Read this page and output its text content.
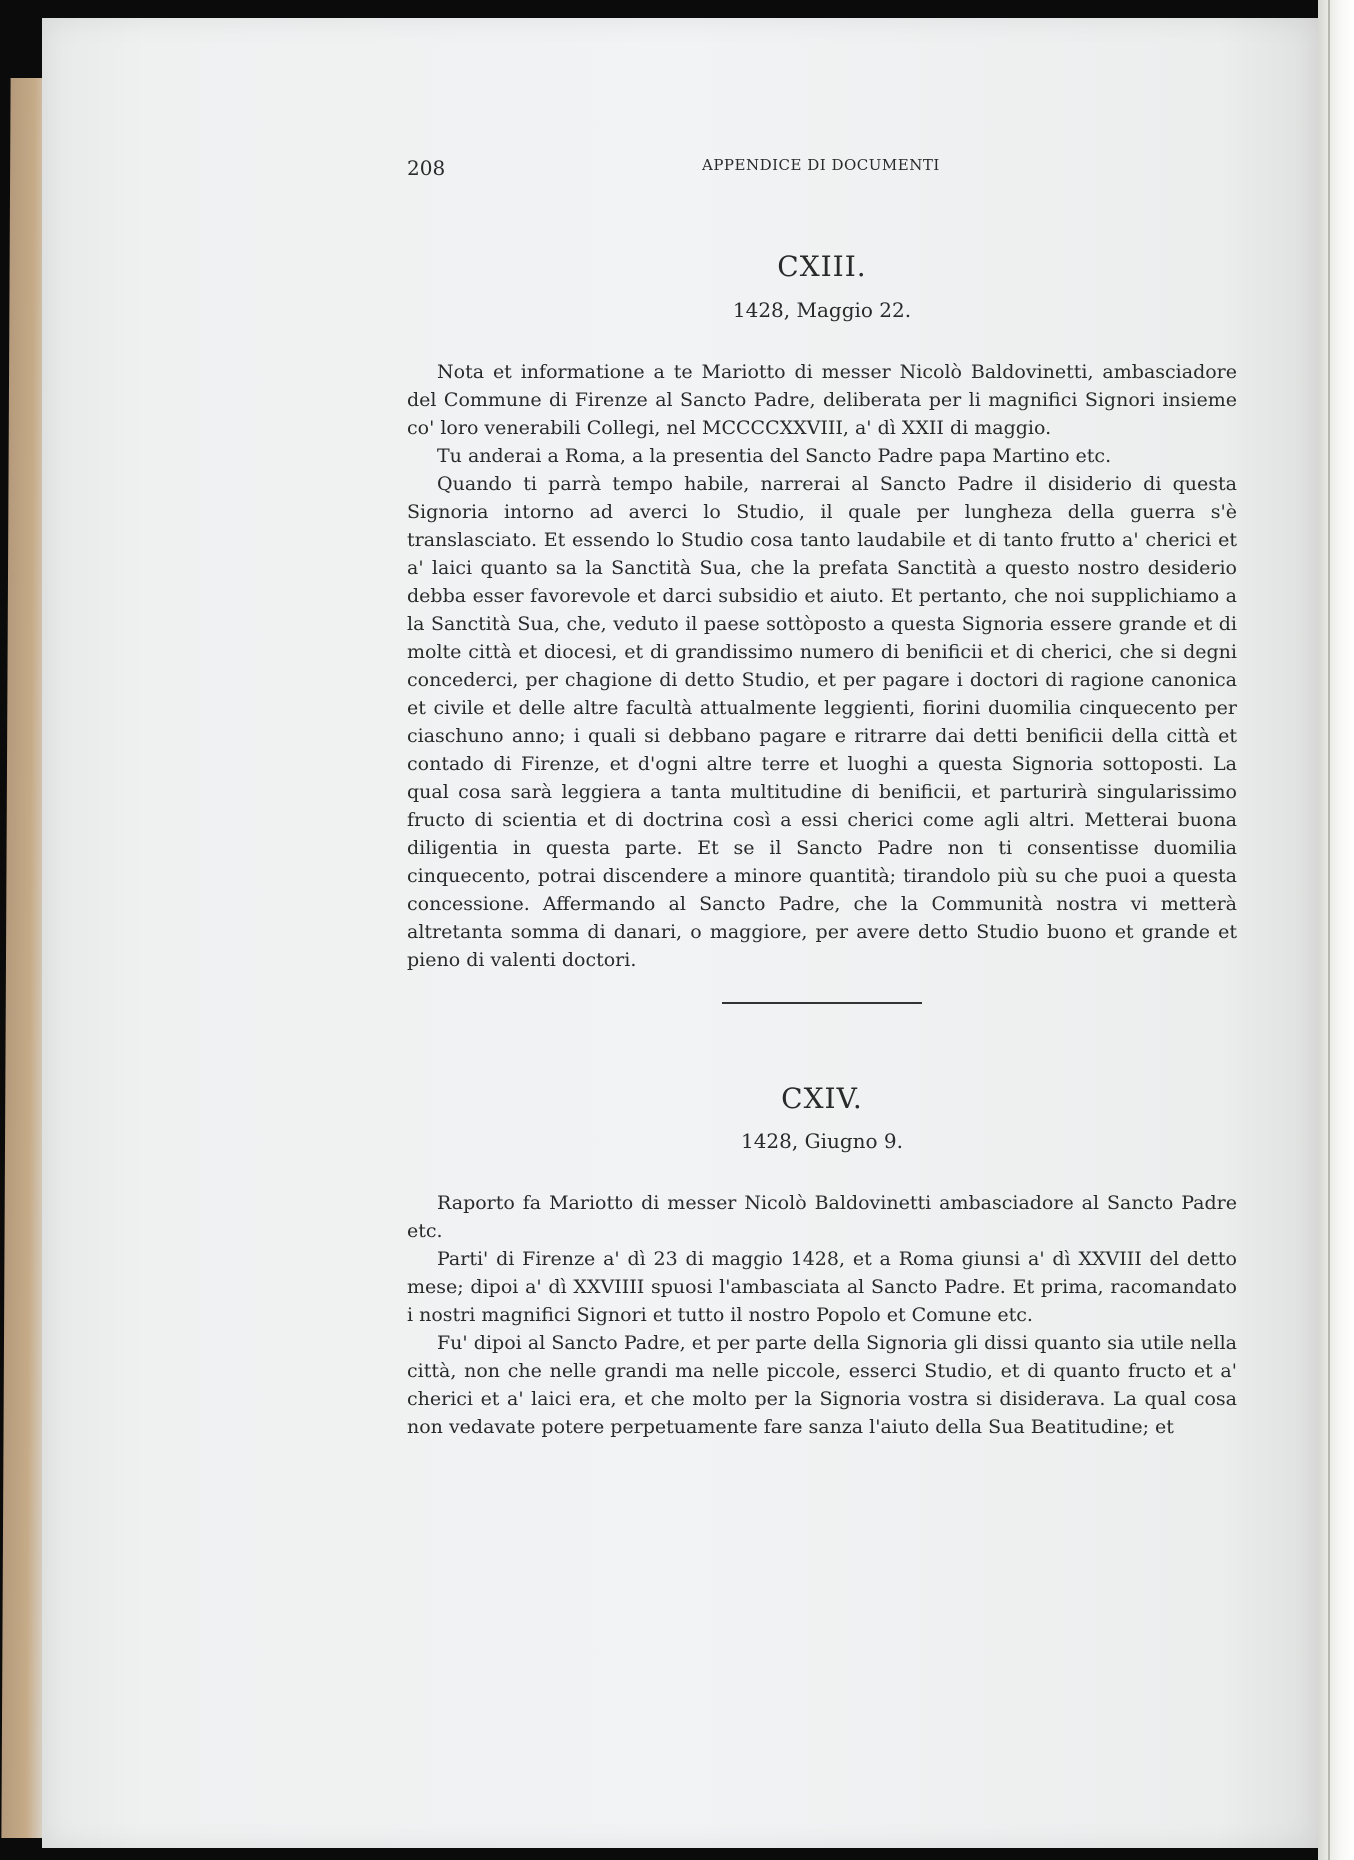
208	APPENDICE DI DOCUMENTI
CXIII.
1428, Maggio 22.

Nota et informatione a te Mariotto di messer Nicolò Baldovinetti, ambasciadore del Commune di Firenze al Sancto Padre, deliberata per li magnifici Signori insieme co' loro venerabili Collegi, nel MCCCCXXVIII, a' dì XXII di maggio.

Tu anderai a Roma, a la presentia del Sancto Padre papa Martino etc.

Quando ti parrà tempo habile, narrerai al Sancto Padre il disiderio di questa Signoria intorno ad averci lo Studio, il quale per lungheza della guerra s'è translasciato. Et essendo lo Studio cosa tanto laudabile et di tanto frutto a' cherici et a' laici quanto sa la Sanctità Sua, che la prefata Sanctità a questo nostro desiderio debba esser favorevole et darci subsidio et aiuto. Et pertanto, che noi supplichiamo a la Sanctità Sua, che, veduto il paese sottòposto a questa Signoria essere grande et di molte città et diocesi, et di grandissimo numero di benificii et di cherici, che si degni concederci, per chagione di detto Studio, et per pagare i doctori di ragione canonica et civile et delle altre facultà attualmente leggienti, fiorini duomilia cinquecento per ciaschuno anno; i quali si debbano pagare e ritrarre dai detti benificii della città et contado di Firenze, et d'ogni altre terre et luoghi a questa Signoria sottoposti. La qual cosa sarà leggiera a tanta multitudine di benificii, et parturirà singularissimo fructo di scientia et di doctrina così a essi cherici come agli altri. Metterai buona diligentia in questa parte. Et se il Sancto Padre non ti consentisse duomilia cinquecento, potrai discendere a minore quantità; tirandolo più su che puoi a questa concessione. Affermando al Sancto Padre, che la Communità nostra vi metterà altretanta somma di danari, o maggiore, per avere detto Studio buono et grande et pieno di valenti doctori.

CXIV.
1428, Giugno 9.

Raporto fa Mariotto di messer Nicolò Baldovinetti ambasciadore al Sancto Padre etc.

Parti' di Firenze a' dì 23 di maggio 1428, et a Roma giunsi a' dì XXVIII del detto mese; dipoi a' dì XXVIIII spuosi l'ambasciata al Sancto Padre. Et prima, racomandato i nostri magnifici Signori et tutto il nostro Popolo et Comune etc.

Fu' dipoi al Sancto Padre, et per parte della Signoria gli dissi quanto sia utile nella città, non che nelle grandi ma nelle piccole, esserci Studio, et di quanto fructo et a' cherici et a' laici era, et che molto per la Signoria vostra si disiderava. La qual cosa non vedavate potere perpetuamente fare sanza l'aiuto della Sua Beatitudine; et
